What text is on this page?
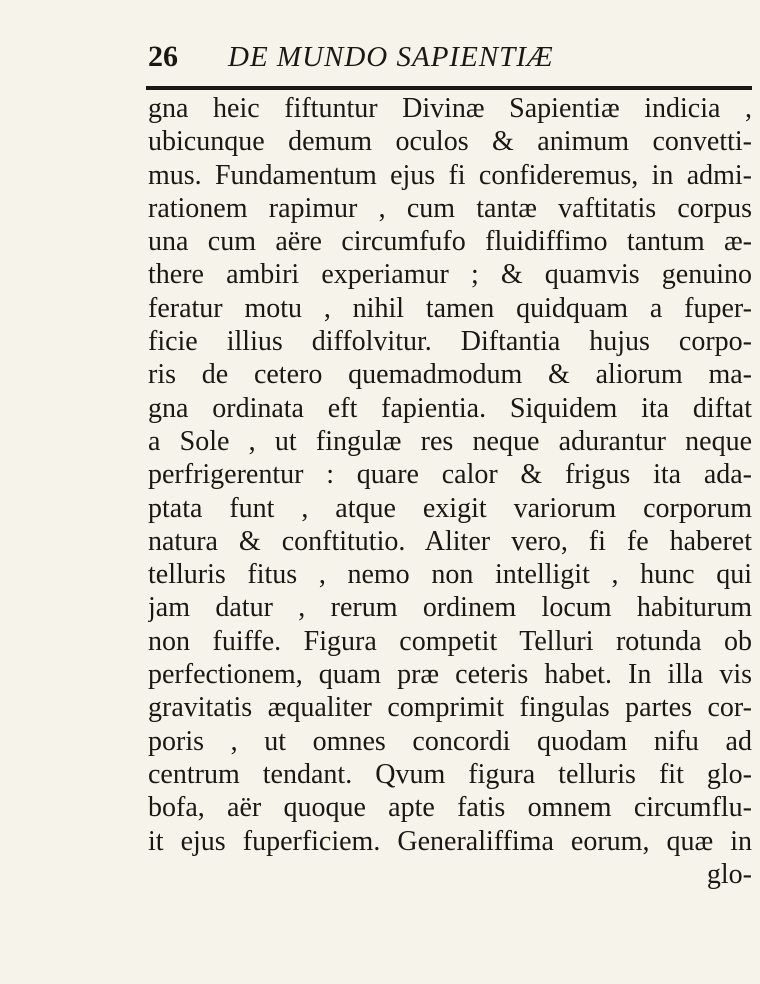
26	DE MUNDO SAPIENTIÆ
gna heic fiftuntur Divinæ Sapientiæ indicia ,
ubicunque demum oculos & animum convetti-
mus. Fundamentum ejus fi confideremus, in admi-
rationem rapimur , cum tantæ vaftitatis corpus
una cum aëre circumfufo fluidiffimo tantum æ-
there ambiri experiamur ; & quamvis genuino
feratur motu , nihil tamen quidquam a fuper-
ficie illius diffolvitur. Diftantia hujus corpo-
ris de cetero quemadmodum & aliorum ma-
gna ordinata eft fapientia. Siquidem ita diftat
a Sole , ut fingulæ res neque adurantur neque
perfrigerentur : quare calor & frigus ita ada-
ptata funt , atque exigit variorum corporum
natura & conftitutio. Aliter vero, fi fe haberet
telluris fitus , nemo non intelligit , hunc qui
jam datur , rerum ordinem locum habiturum
non fuiffe. Figura competit Telluri rotunda ob
perfectionem, quam præ ceteris habet. In illa vis
gravitatis æqualiter comprimit fingulas partes cor-
poris , ut omnes concordi quodam nifu ad
centrum tendant. Qvum figura telluris fit glo-
bofa, aër quoque apte fatis omnem circumflu-
it ejus fuperficiem. Generaliffima eorum, quæ in
glo-
